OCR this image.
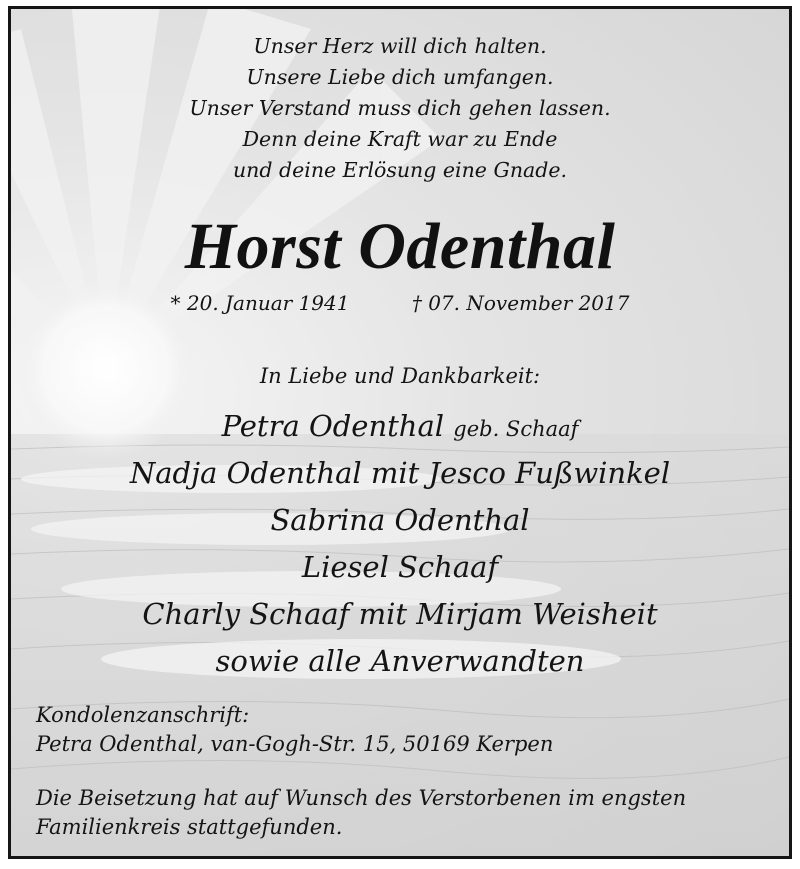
Unser Herz will dich halten.
Unsere Liebe dich umfangen.
Unser Verstand muss dich gehen lassen.
Denn deine Kraft war zu Ende
und deine Erlösung eine Gnade.
Horst Odenthal
* 20. Januar 1941	† 07. November 2017
In Liebe und Dankbarkeit:
Petra Odenthal geb. Schaaf
Nadja Odenthal mit Jesco Fußwinkel
Sabrina Odenthal
Liesel Schaaf
Charly Schaaf mit Mirjam Weisheit
sowie alle Anverwandten
Kondolenzanschrift:
Petra Odenthal, van-Gogh-Str. 15, 50169 Kerpen
Die Beisetzung hat auf Wunsch des Verstorbenen im engsten
Familienkreis stattgefunden.
